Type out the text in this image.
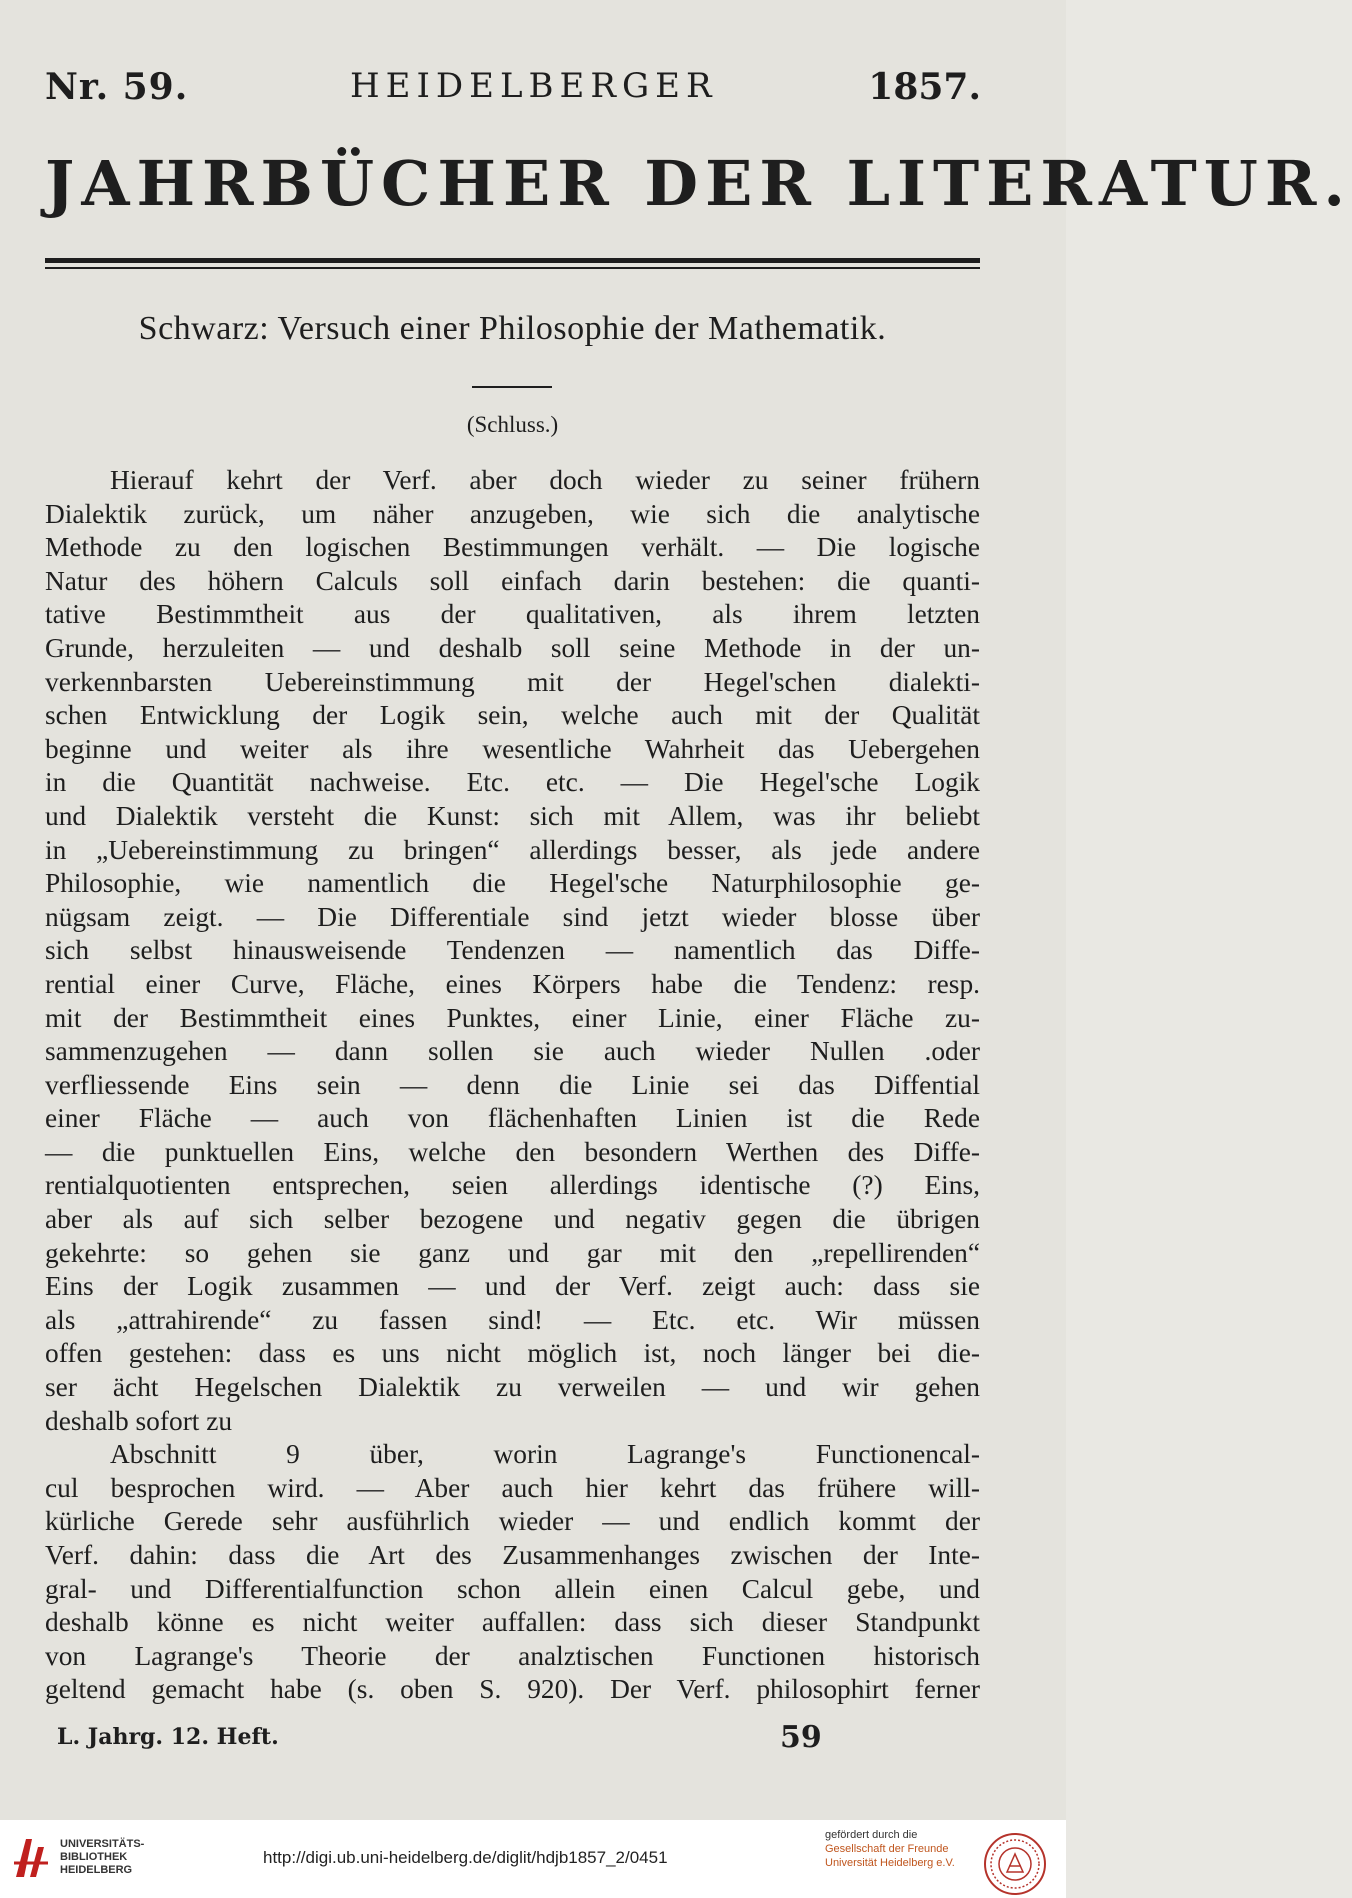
Nr. 59.	HEIDELBERGER	1857.
JAHRBÜCHER DER LITERATUR.
Schwarz: Versuch einer Philosophie der Mathematik.
(Schluss.)
Hierauf kehrt der Verf. aber doch wieder zu seiner frühern
Dialektik zurück, um näher anzugeben, wie sich die analytische
Methode zu den logischen Bestimmungen verhält. — Die logische
Natur des höhern Calculs soll einfach darin bestehen: die quanti-
tative Bestimmtheit aus der qualitativen, als ihrem letzten
Grunde, herzuleiten — und deshalb soll seine Methode in der un-
verkennbarsten Uebereinstimmung mit der Hegel'schen dialekti-
schen Entwicklung der Logik sein, welche auch mit der Qualität
beginne und weiter als ihre wesentliche Wahrheit das Uebergehen
in die Quantität nachweise. Etc. etc. — Die Hegel'sche Logik
und Dialektik versteht die Kunst: sich mit Allem, was ihr beliebt
in „Uebereinstimmung zu bringen“ allerdings besser, als jede andere
Philosophie, wie namentlich die Hegel'sche Naturphilosophie ge-
nügsam zeigt. — Die Differentiale sind jetzt wieder blosse über
sich selbst hinausweisende Tendenzen — namentlich das Diffe-
rential einer Curve, Fläche, eines Körpers habe die Tendenz: resp.
mit der Bestimmtheit eines Punktes, einer Linie, einer Fläche zu-
sammenzugehen — dann sollen sie auch wieder Nullen .oder
verfliessende Eins sein — denn die Linie sei das Diffential
einer Fläche — auch von flächenhaften Linien ist die Rede
— die punktuellen Eins, welche den besondern Werthen des Diffe-
rentialquotienten entsprechen, seien allerdings identische (?) Eins,
aber als auf sich selber bezogene und negativ gegen die übrigen
gekehrte: so gehen sie ganz und gar mit den „repellirenden“
Eins der Logik zusammen — und der Verf. zeigt auch: dass sie
als „attrahirende“ zu fassen sind! — Etc. etc. Wir müssen
offen gestehen: dass es uns nicht möglich ist, noch länger bei die-
ser ächt Hegelschen Dialektik zu verweilen — und wir gehen
deshalb sofort zu
Abschnitt 9 über, worin Lagrange's Functionencal-
cul besprochen wird. — Aber auch hier kehrt das frühere will-
kürliche Gerede sehr ausführlich wieder — und endlich kommt der
Verf. dahin: dass die Art des Zusammenhanges zwischen der Inte-
gral- und Differentialfunction schon allein einen Calcul gebe, und
deshalb könne es nicht weiter auffallen: dass sich dieser Standpunkt
von Lagrange's Theorie der analztischen Functionen historisch
geltend gemacht habe (s. oben S. 920). Der Verf. philosophirt ferner
L. Jahrg. 12. Heft.	59
UNIVERSITÄTS-
BIBLIOTHEK
HEIDELBERG
http://digi.ub.uni-heidelberg.de/diglit/hdjb1857_2/0451
gefördert durch die
Gesellschaft der Freunde
Universität Heidelberg e.V.
